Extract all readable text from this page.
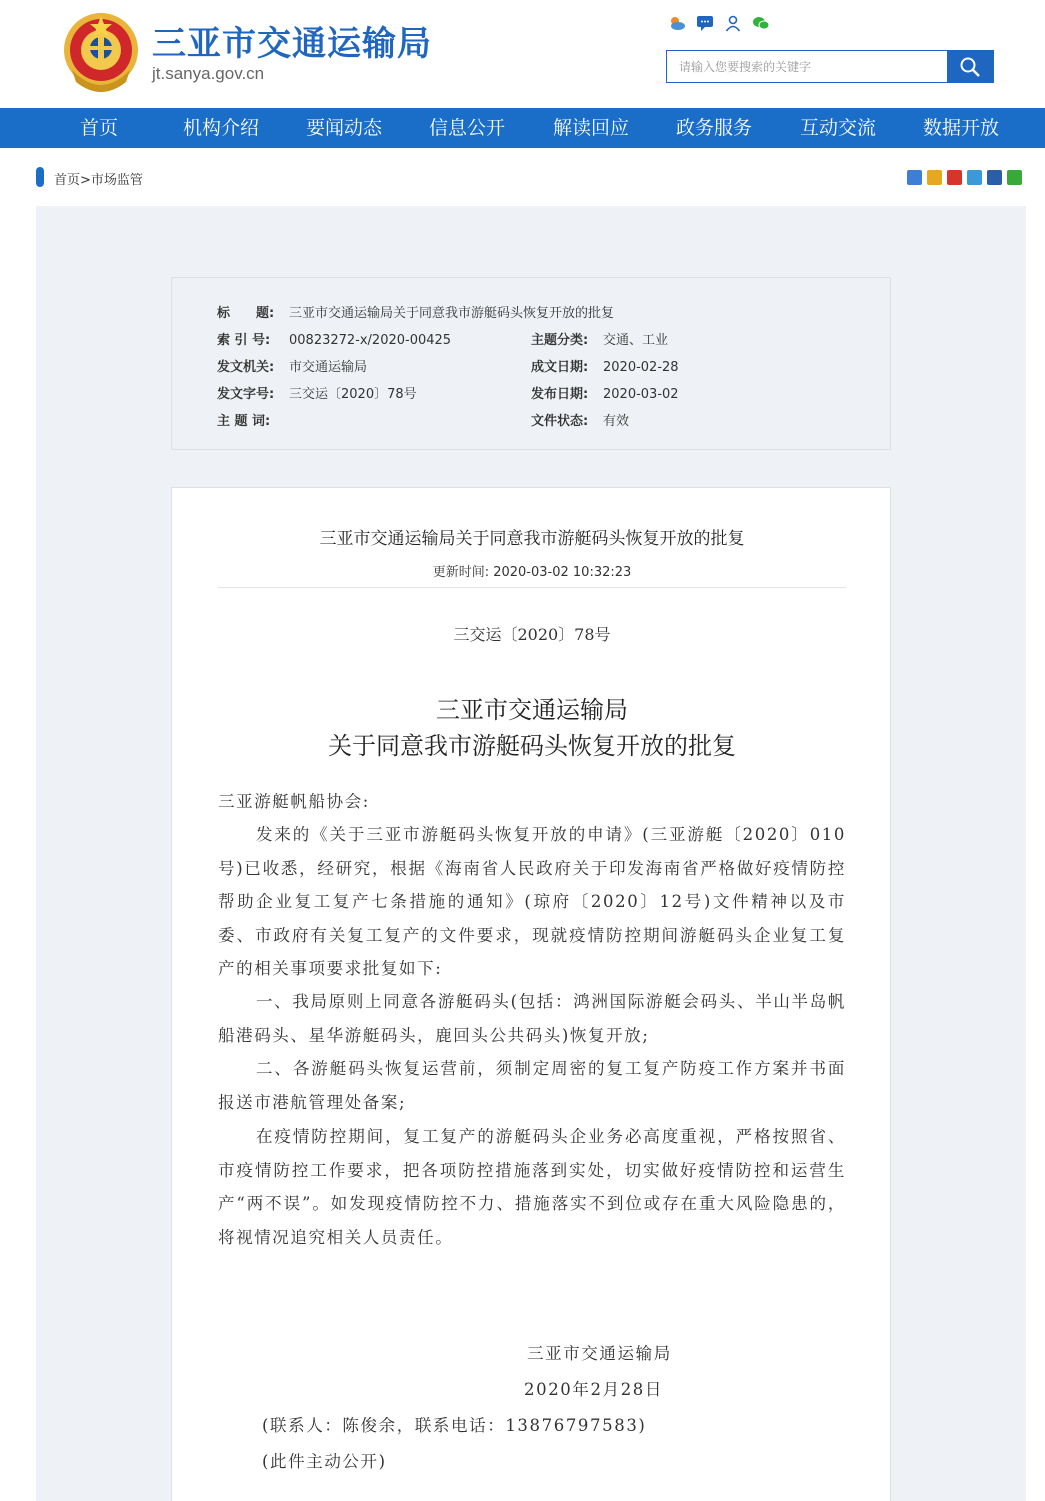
三亚市交通运输局
jt.sanya.gov.cn
请输入您要搜索的关键字
首页	机构介绍	要闻动态	信息公开	解读回应	政务服务	互动交流	数据开放
首页>市场监管
标　　题: 三亚市交通运输局关于同意我市游艇码头恢复开放的批复
索 引 号: 00823272-x/2020-00425	主题分类: 交通、工业
发文机关: 市交通运输局	成文日期: 2020-02-28
发文字号: 三交运〔2020〕78号	发布日期: 2020-03-02
主 题 词:	文件状态: 有效
三亚市交通运输局关于同意我市游艇码头恢复开放的批复
更新时间: 2020-03-02 10:32:23
三交运〔2020〕78号
三亚市交通运输局
关于同意我市游艇码头恢复开放的批复
三亚游艇帆船协会:
发来的《关于三亚市游艇码头恢复开放的申请》(三亚游艇〔2020〕010号)已收悉，经研究，根据《海南省人民政府关于印发海南省严格做好疫情防控帮助企业复工复产七条措施的通知》(琼府〔2020〕12号)文件精神以及市委、市政府有关复工复产的文件要求，现就疫情防控期间游艇码头企业复工复产的相关事项要求批复如下:
一、我局原则上同意各游艇码头(包括：鸿洲国际游艇会码头、半山半岛帆船港码头、星华游艇码头，鹿回头公共码头)恢复开放;
二、各游艇码头恢复运营前，须制定周密的复工复产防疫工作方案并书面报送市港航管理处备案;
在疫情防控期间，复工复产的游艇码头企业务必高度重视，严格按照省、市疫情防控工作要求，把各项防控措施落到实处，切实做好疫情防控和运营生产“两不误”。如发现疫情防控不力、措施落实不到位或存在重大风险隐患的，将视情况追究相关人员责任。
三亚市交通运输局
2020年2月28日
(联系人：陈俊余，联系电话：13876797583)
(此件主动公开)
